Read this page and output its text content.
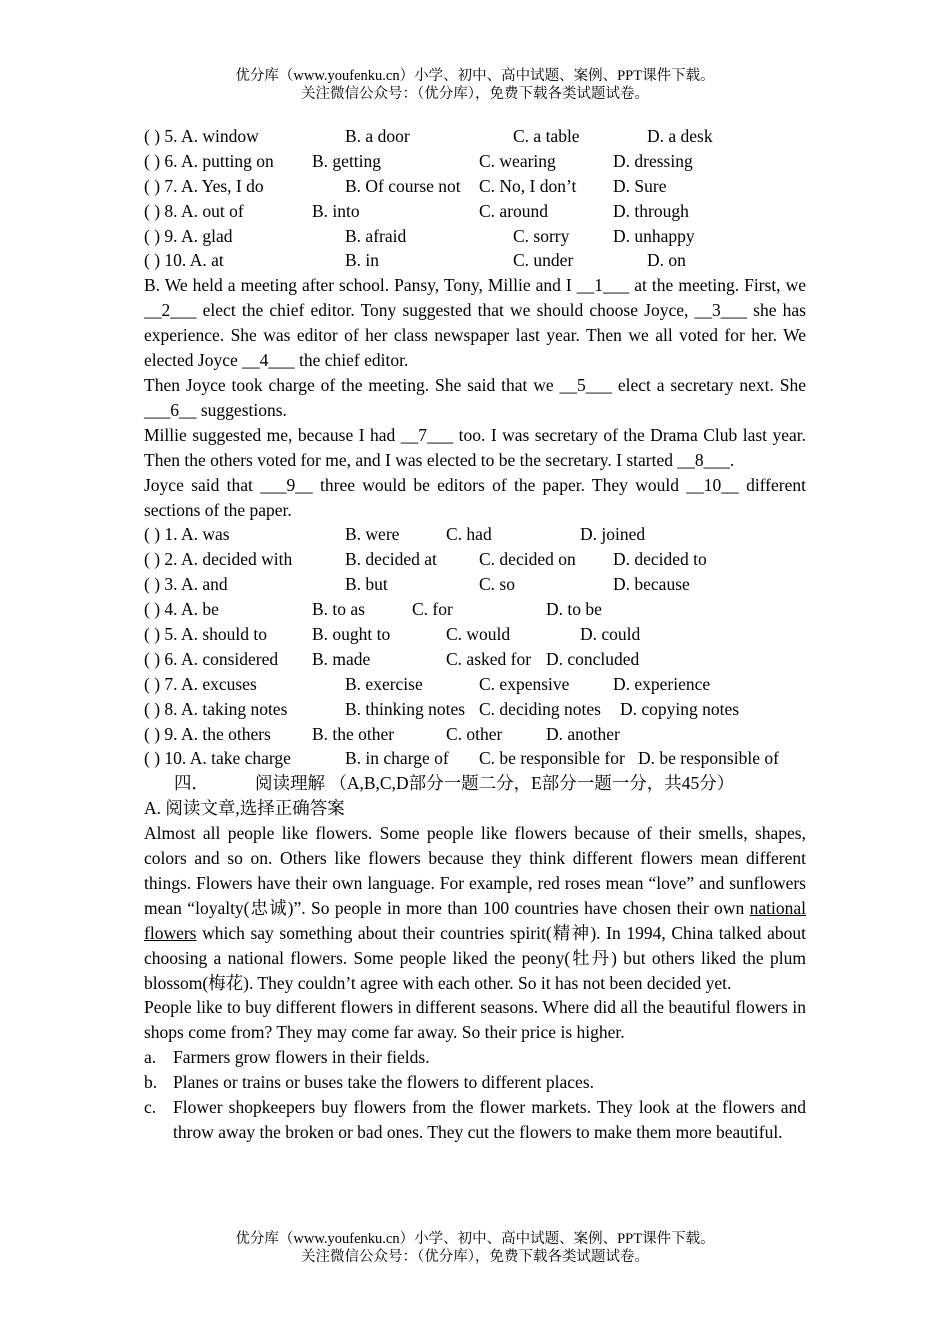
优分库（www.youfenku.cn）小学、初中、高中试题、案例、PPT课件下载。
关注微信公众号：（优分库），免费下载各类试题试卷。
( ) 5. A. window	B. a door	C. a table	D. a desk
( ) 6. A. putting on B. getting	C. wearing	D. dressing
( ) 7. A. Yes, I do	B. Of course not C. No, I don’t D. Sure
( ) 8. A. out of	B. into	C. around	D. through
( ) 9. A. glad	B. afraid	C. sorry D. unhappy
( ) 10. A. at	B. in	C. under	D. on
B. We held a meeting after school. Pansy, Tony, Millie and I __1___ at the meeting. First, we __2___ elect the chief editor. Tony suggested that we should choose Joyce, __3___ she has experience. She was editor of her class newspaper last year. Then we all voted for her. We elected Joyce __4___ the chief editor.
Then Joyce took charge of the meeting. She said that we __5___ elect a secretary next. She ___6__ suggestions.
Millie suggested me, because I had __7___ too. I was secretary of the Drama Club last year. Then the others voted for me, and I was elected to be the secretary. I started __8___.
Joyce said that ___9__ three would be editors of the paper. They would __10__ different sections of the paper.
( ) 1. A. was	B. were	C. had	D. joined
( ) 2. A. decided with	B. decided at C. decided on D. decided to
( ) 3. A. and	B. but	C. so	D. because
( ) 4. A. be	B. to as	C. for	D. to be
( ) 5. A. should to	B. ought to	C. would	D. could
( ) 6. A. considered B. made	C. asked for D. concluded
( ) 7. A. excuses	B. exercise	C. expensive D. experience
( ) 8. A. taking notes	B. thinking notes C. deciding notes D. copying notes
( ) 9. A. the others B. the other	C. other D. another
( ) 10. A. take charge	B. in charge of C. be responsible for D. be responsible of
四．	阅读理解 （A,B,C,D部分一题二分，E部分一题一分，共45分）
A. 阅读文章,选择正确答案
Almost all people like flowers. Some people like flowers because of their smells, shapes, colors and so on. Others like flowers because they think different flowers mean different things. Flowers have their own language. For example, red roses mean “love” and sunflowers mean “loyalty(忠诚)”. So people in more than 100 countries have chosen their own national flowers which say something about their countries spirit(精神). In 1994, China talked about choosing a national flowers. Some people liked the peony(牡丹) but others liked the plum blossom(梅花). They couldn’t agree with each other. So it has not been decided yet.
People like to buy different flowers in different seasons. Where did all the beautiful flowers in shops come from? They may come far away. So their price is higher.
a. Farmers grow flowers in their fields.
b. Planes or trains or buses take the flowers to different places.
c. Flower shopkeepers buy flowers from the flower markets. They look at the flowers and throw away the broken or bad ones. They cut the flowers to make them more beautiful.
优分库（www.youfenku.cn）小学、初中、高中试题、案例、PPT课件下载。
关注微信公众号：（优分库），免费下载各类试题试卷。
